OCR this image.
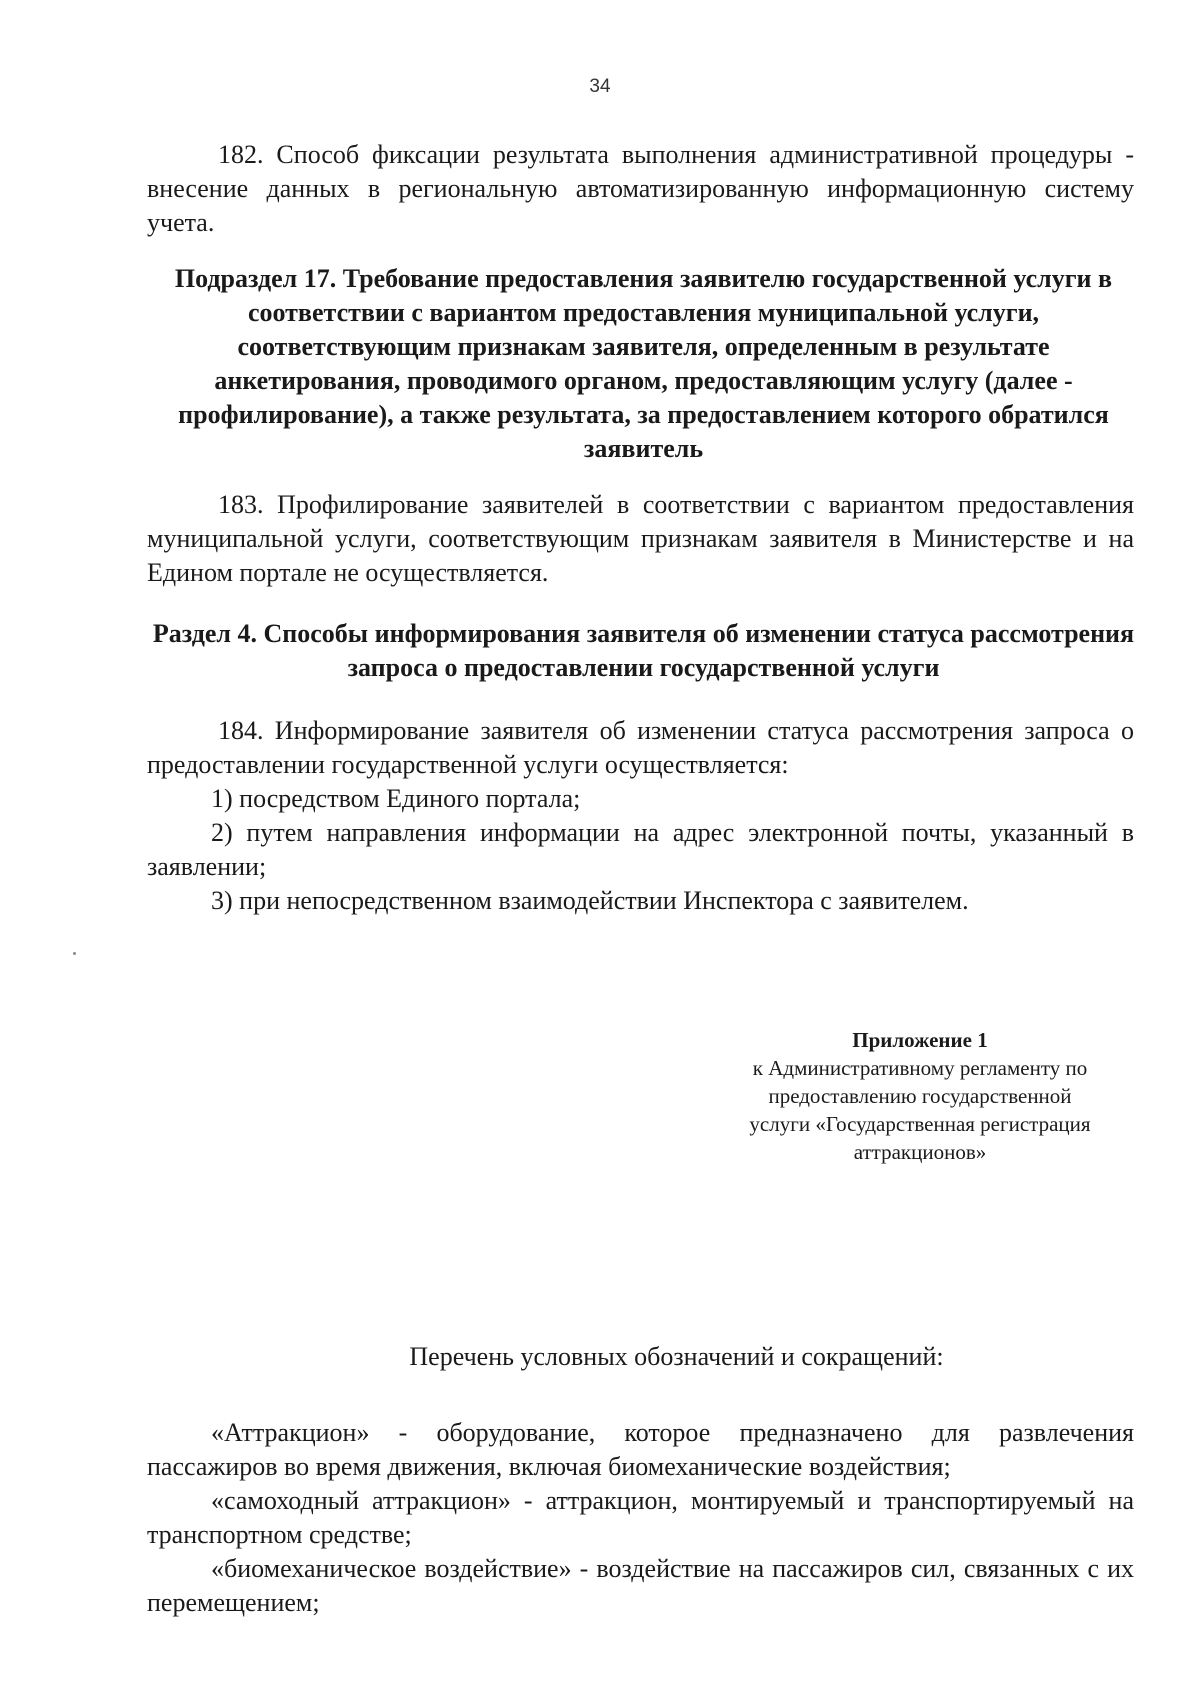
34

182. Способ фиксации результата выполнения административной процедуры - внесение данных в региональную автоматизированную информационную систему учета.

Подраздел 17. Требование предоставления заявителю государственной услуги в соответствии с вариантом предоставления муниципальной услуги, соответствующим признакам заявителя, определенным в результате анкетирования, проводимого органом, предоставляющим услугу (далее - профилирование), а также результата, за предоставлением которого обратился заявитель

183. Профилирование заявителей в соответствии с вариантом предоставления муниципальной услуги, соответствующим признакам заявителя в Министерстве и на Едином портале не осуществляется.

Раздел 4. Способы информирования заявителя об изменении статуса рассмотрения запроса о предоставлении государственной услуги

184. Информирование заявителя об изменении статуса рассмотрения запроса о предоставлении государственной услуги осуществляется:

1) посредством Единого портала;

2) путем направления информации на адрес электронной почты, указанный в заявлении;

3) при непосредственном взаимодействии Инспектора с заявителем.

Приложение 1
к Административному регламенту по
предоставлению государственной
услуги «Государственная регистрация
аттракционов»

Перечень условных обозначений и сокращений:

«Аттракцион» - оборудование, которое предназначено для развлечения пассажиров во время движения, включая биомеханические воздействия;

«самоходный аттракцион» - аттракцион, монтируемый и транспортируемый на транспортном средстве;

«биомеханическое воздействие» - воздействие на пассажиров сил, связанных с их перемещением;
